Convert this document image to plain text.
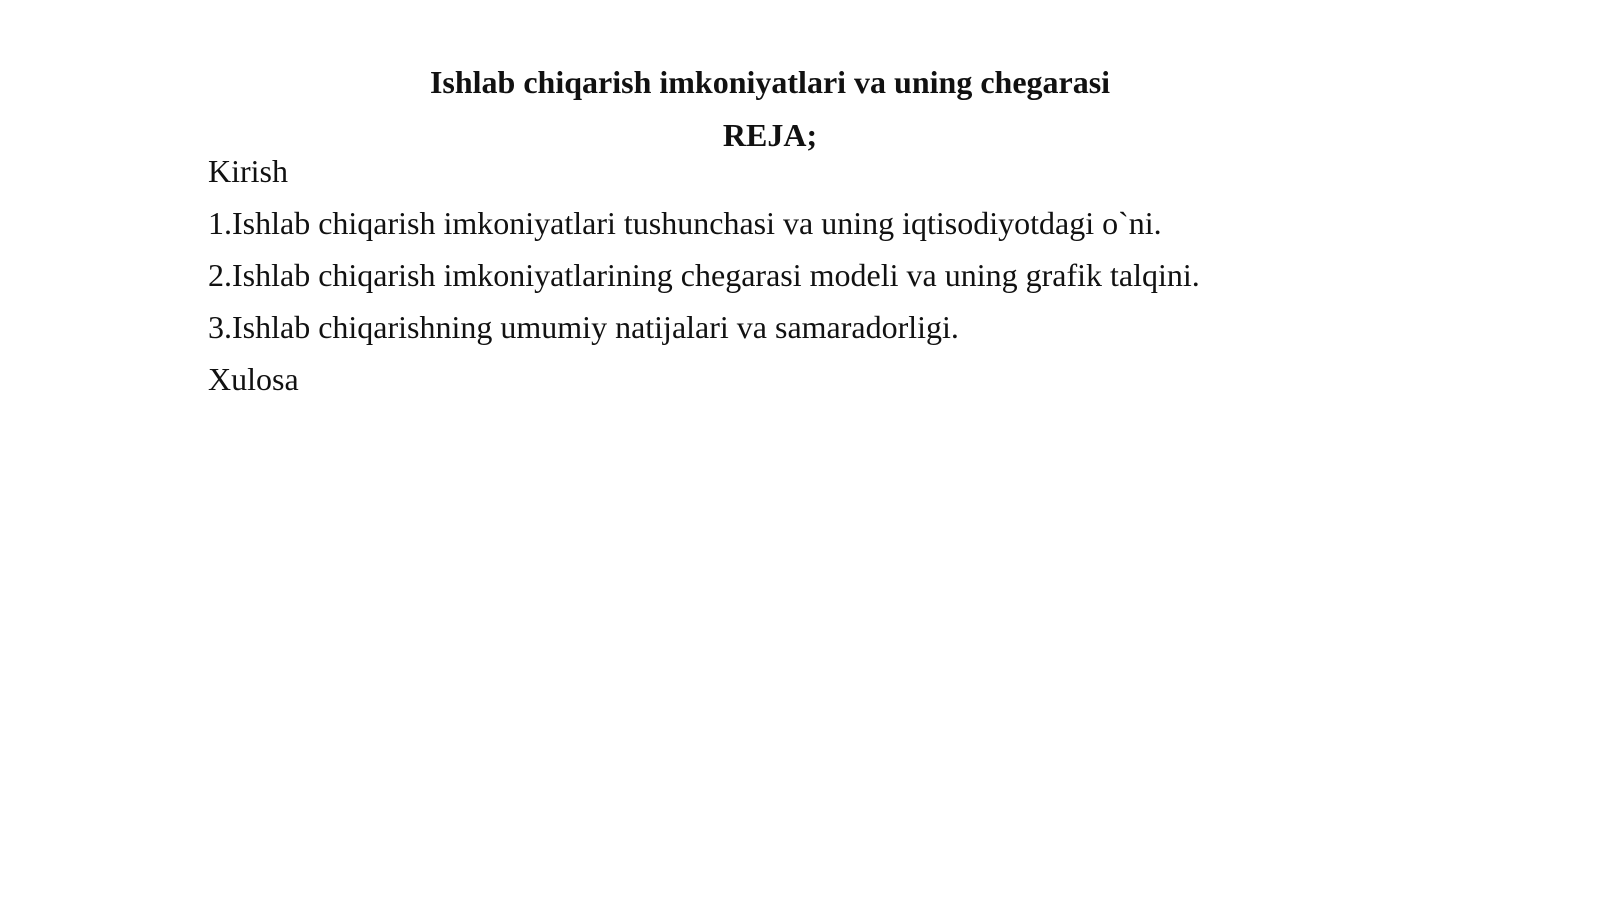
Ishlab chiqarish imkoniyatlari va uning chegarasi
REJA;
Kirish
1.Ishlab chiqarish imkoniyatlari tushunchasi va uning iqtisodiyotdagi o`ni.
2.Ishlab chiqarish imkoniyatlarining chegarasi modeli va uning grafik talqini.
3.Ishlab chiqarishning umumiy natijalari va samaradorligi.
Xulosa
